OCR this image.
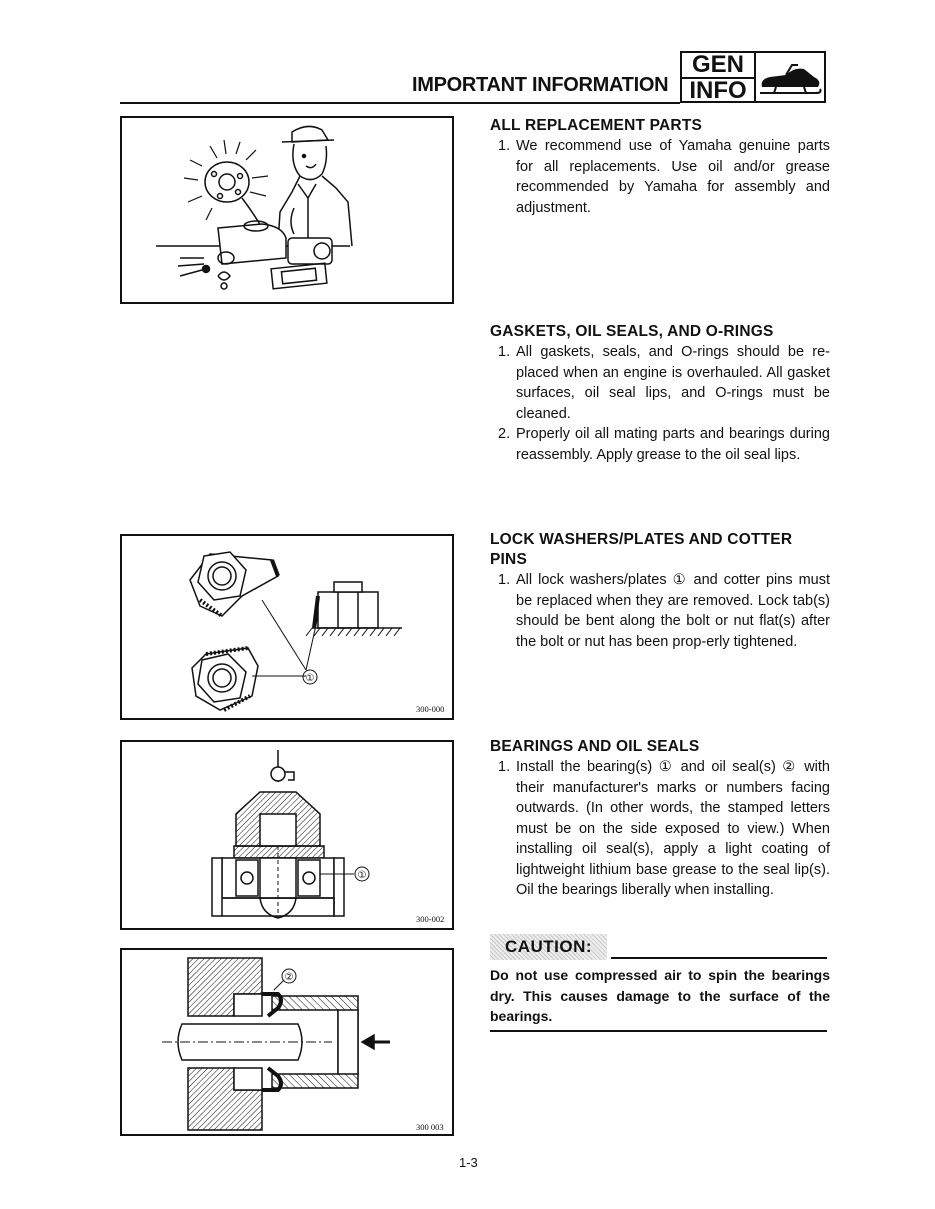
IMPORTANT INFORMATION
GEN
INFO
ALL REPLACEMENT PARTS
1. We recommend use of Yamaha genuine parts for all replacements. Use oil and/or grease recommended by Yamaha for assembly and adjustment.
GASKETS, OIL SEALS, AND O-RINGS
1. All gaskets, seals, and O-rings should be re-placed when an engine is overhauled. All gasket surfaces, oil seal lips, and O-rings must be cleaned.
2. Properly oil all mating parts and bearings during reassembly. Apply grease to the oil seal lips.
①
300-000
LOCK WASHERS/PLATES AND COTTER PINS
1. All lock washers/plates ① and cotter pins must be replaced when they are removed. Lock tab(s) should be bent along the bolt or nut flat(s) after the bolt or nut has been prop-erly tightened.
①
300-002
BEARINGS AND OIL SEALS
1. Install the bearing(s) ① and oil seal(s) ② with their manufacturer's marks or numbers facing outwards. (In other words, the stamped letters must be on the side exposed to view.) When installing oil seal(s), apply a light coating of lightweight lithium base grease to the seal lip(s). Oil the bearings liberally when installing.
CAUTION:
Do not use compressed air to spin the bearings dry. This causes damage to the surface of the bearings.
②
300 003
1-3
